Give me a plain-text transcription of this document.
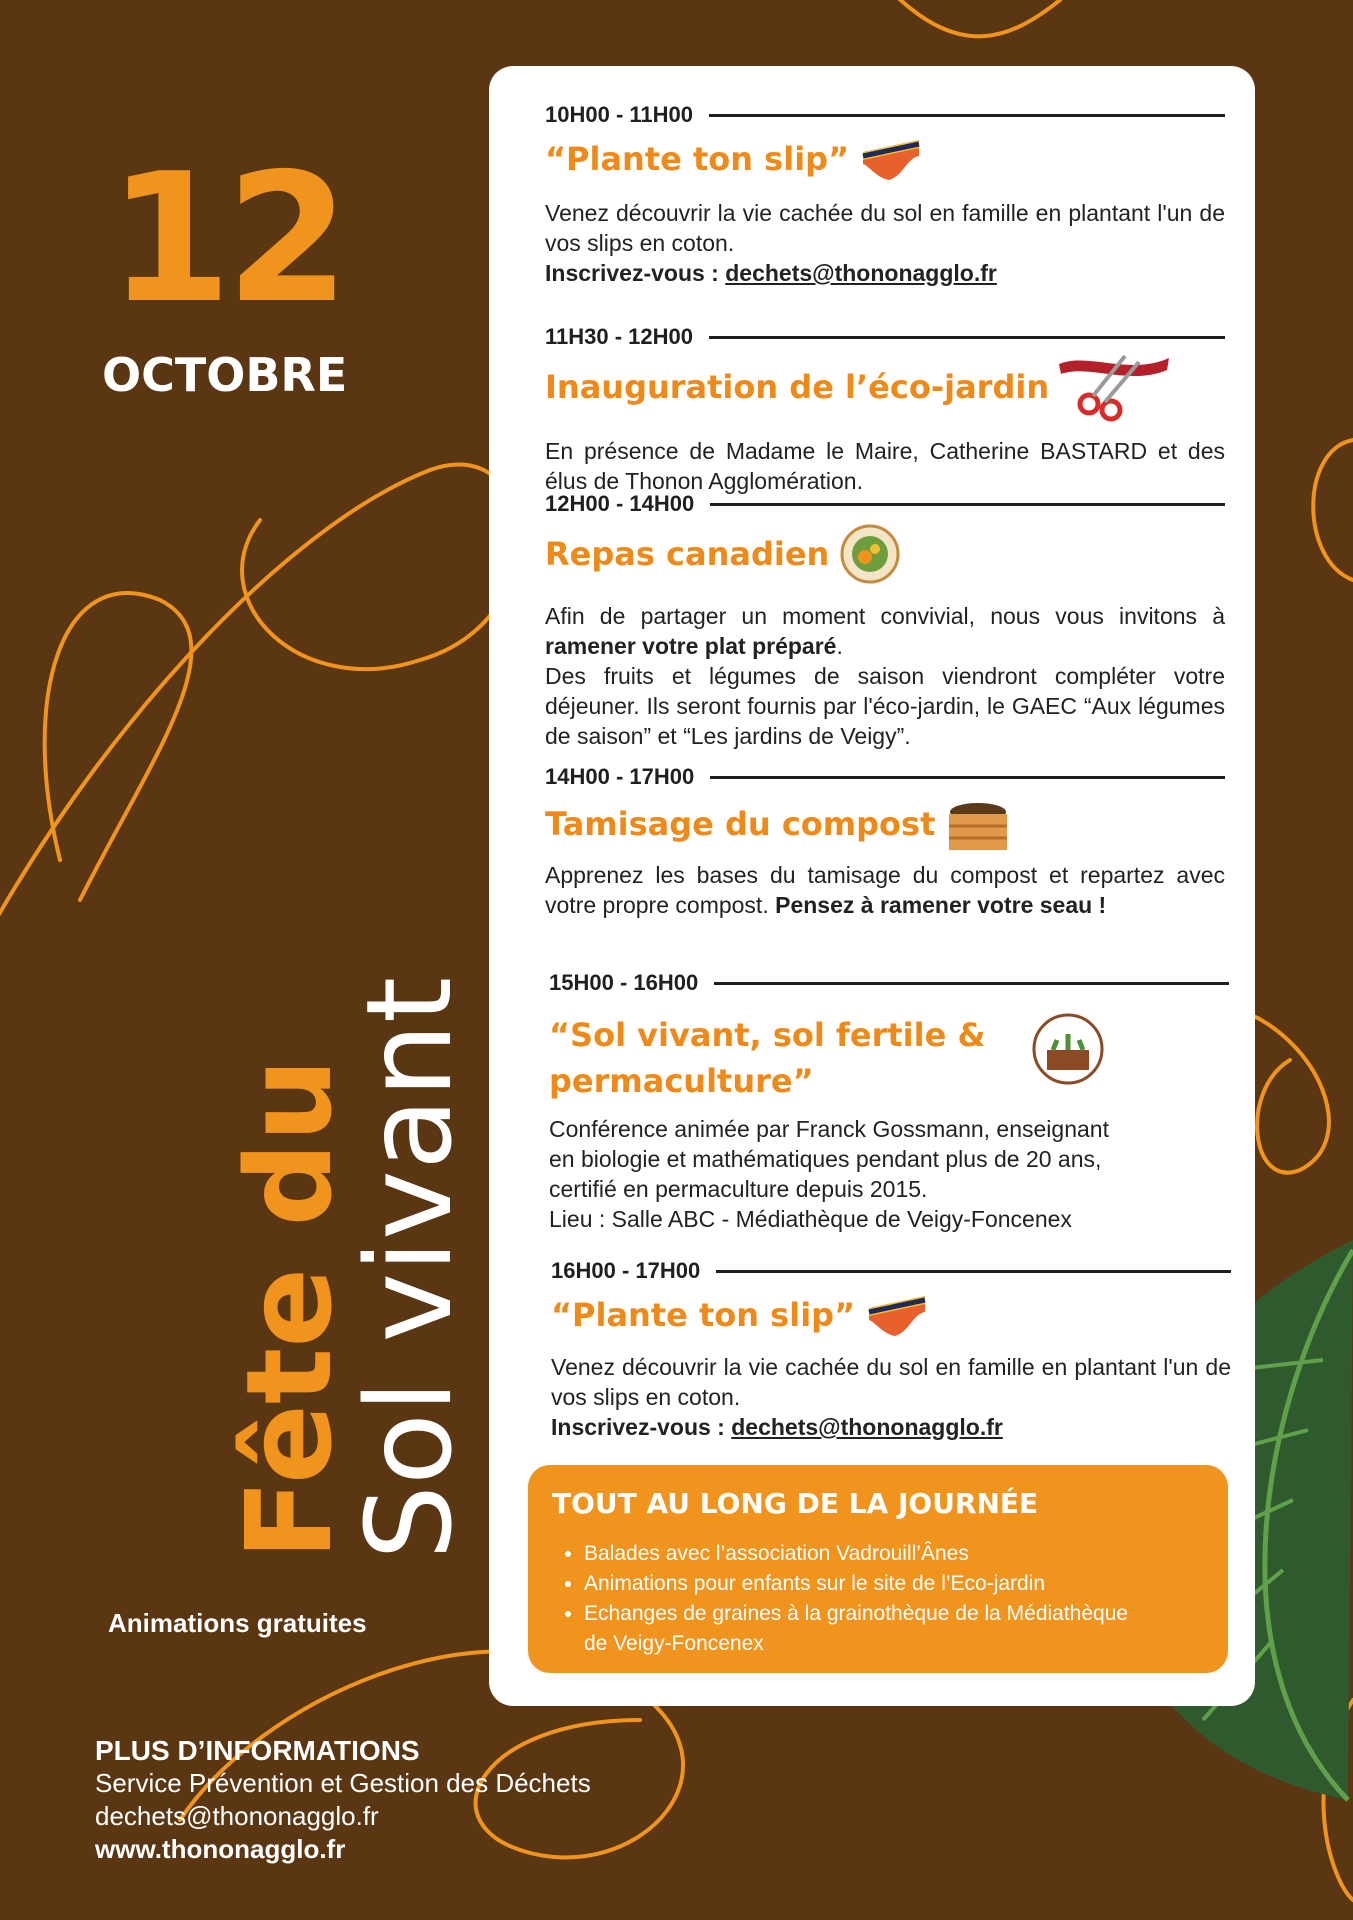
12
OCTOBRE
Fête du
Sol vivant
Animations gratuites
PLUS D’INFORMATIONS
Service Prévention et Gestion des Déchets
dechets@thononagglo.fr
www.thononagglo.fr
10H00 - 11H00
“Plante ton slip”
Venez découvrir la vie cachée du sol en famille en plantant l'un de vos slips en coton.
Inscrivez-vous : dechets@thononagglo.fr
11H30 - 12H00
Inauguration de l’éco-jardin
En présence de Madame le Maire, Catherine BASTARD et des élus de Thonon Agglomération.
12H00 - 14H00
Repas canadien
Afin de partager un moment convivial, nous vous invitons à ramener votre plat préparé.
Des fruits et légumes de saison viendront compléter votre déjeuner. Ils seront fournis par l'éco-jardin, le GAEC “Aux légumes de saison” et “Les jardins de Veigy”.
14H00 - 17H00
Tamisage du compost
Apprenez les bases du tamisage du compost et repartez avec votre propre compost. Pensez à ramener votre seau !
15H00 - 16H00
“Sol vivant, sol fertile & permaculture”
Conférence animée par Franck Gossmann, enseignant
en biologie et mathématiques pendant plus de 20 ans,
certifié en permaculture depuis 2015.
Lieu : Salle ABC - Médiathèque de Veigy-Foncenex
16H00 - 17H00
“Plante ton slip”
Venez découvrir la vie cachée du sol en famille en plantant l'un de vos slips en coton.
Inscrivez-vous : dechets@thononagglo.fr
TOUT AU LONG DE LA JOURNÉE
• Balades avec l’association Vadrouill’Ânes
• Animations pour enfants sur le site de l’Eco-jardin
• Echanges de graines à la grainothèque de la Médiathèque de Veigy-Foncenex
